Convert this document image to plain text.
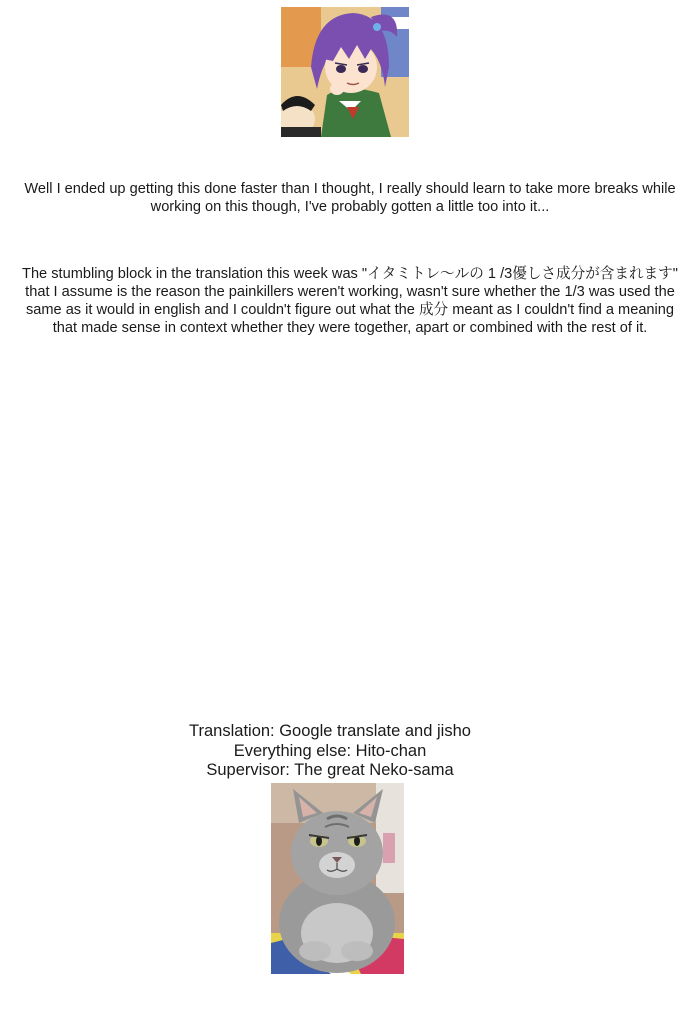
Well I ended up getting this done faster than I thought, I really should learn to take more breaks while working on this though, I've probably gotten a little too into it...

The stumbling block in the translation this week was "イタミトレ〜ルの 1 /3優しさ成分が含まれます" that I assume is the reason the painkillers weren't working, wasn't sure whether the 1/3 was used the same as it would in english and I couldn't figure out what the 成分 meant as I couldn't find a meaning that made sense in context whether they were together, apart or combined with the rest of it.

Translation: Google translate and jisho
Everything else: Hito-chan
Supervisor: The great Neko-sama
